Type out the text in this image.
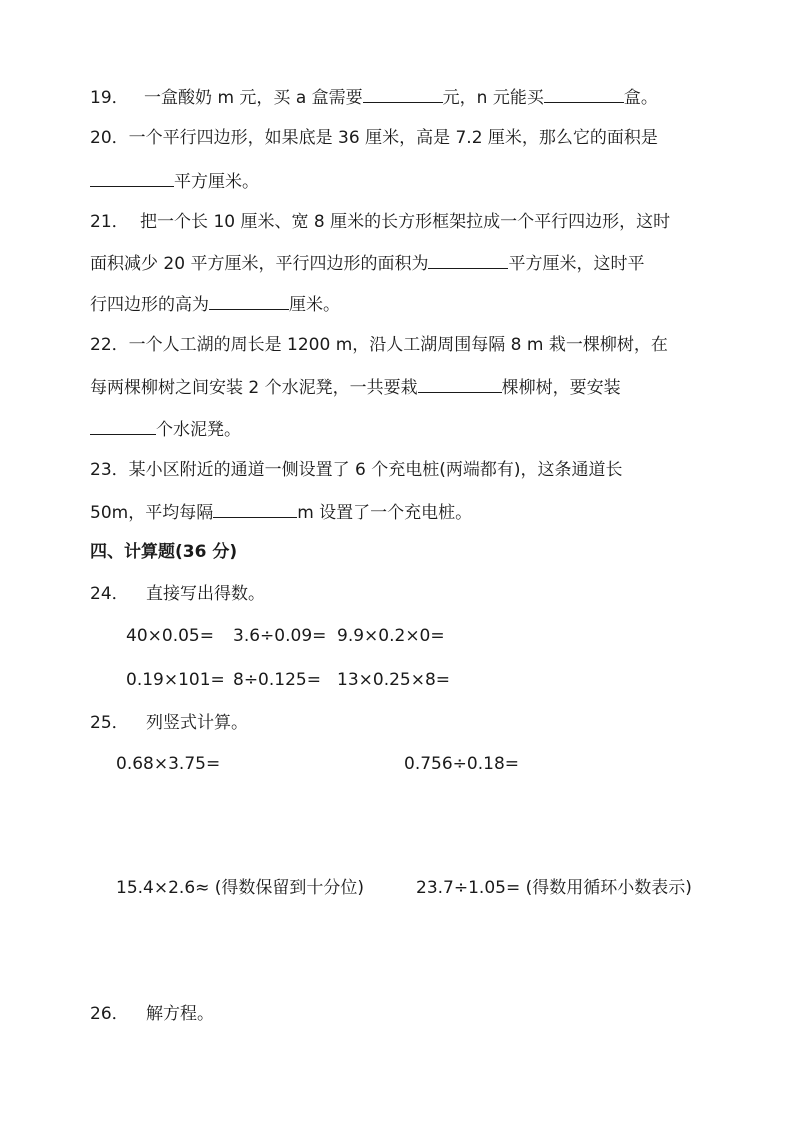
19． 一盒酸奶 m 元，买 a 盒需要	元，n 元能买	盒。
20．一个平行四边形，如果底是 36 厘米，高是 7.2 厘米，那么它的面积是
平方厘米。
21． 把一个长 10 厘米、宽 8 厘米的长方形框架拉成一个平行四边形，这时
面积减少 20 平方厘米，平行四边形的面积为	平方厘米，这时平
行四边形的高为	厘米。
22．一个人工湖的周长是 1200 m，沿人工湖周围每隔 8 m 栽一棵柳树，在
每两棵柳树之间安装 2 个水泥凳，一共要栽	棵柳树，要安装
个水泥凳。
23．某小区附近的通道一侧设置了 6 个充电桩(两端都有)，这条通道长
50m，平均每隔	m 设置了一个充电桩。
四、计算题(36 分)
24． 直接写出得数。
40×0.05= 3.6÷0.09= 9.9×0.2×0=
0.19×101= 8÷0.125= 13×0.25×8=
25． 列竖式计算。
0.68×3.75=	0.756÷0.18=
15.4×2.6≈ (得数保留到十分位)	23.7÷1.05= (得数用循环小数表示)
26． 解方程。
